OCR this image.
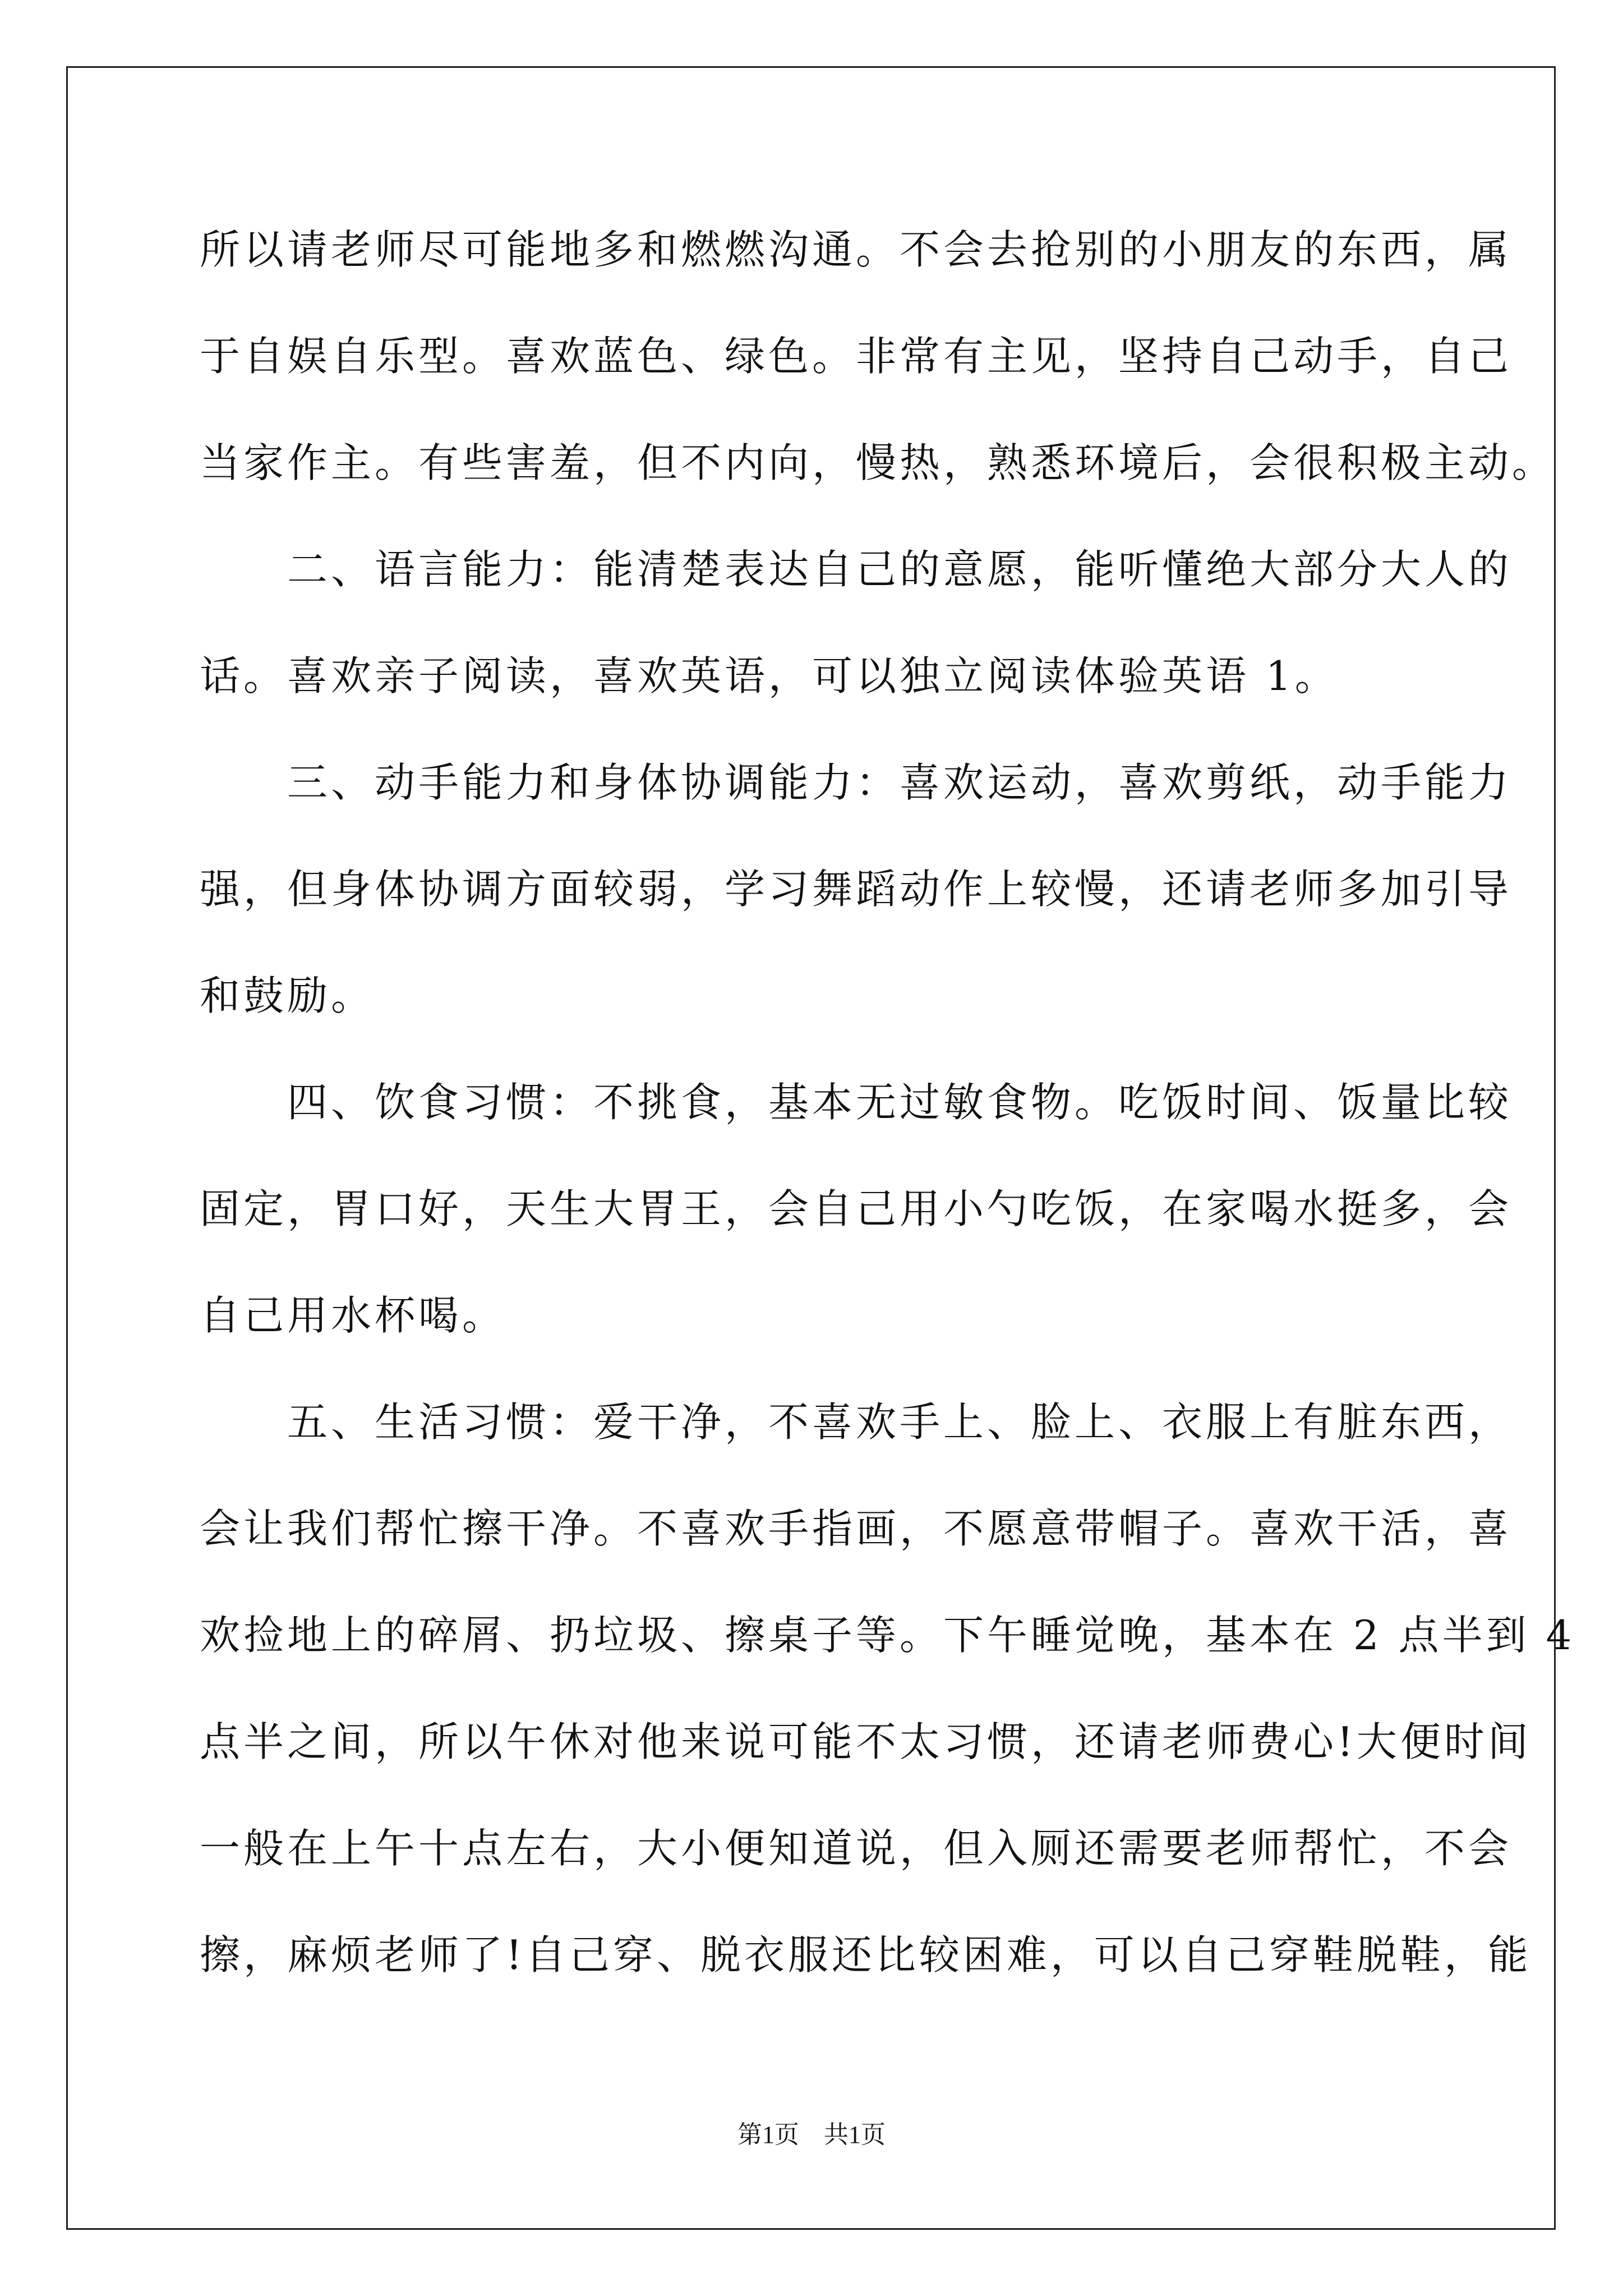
所以请老师尽可能地多和燃燃沟通。不会去抢别的小朋友的东西，属
于自娱自乐型。喜欢蓝色、绿色。非常有主见，坚持自己动手，自己
当家作主。有些害羞，但不内向，慢热，熟悉环境后，会很积极主动。
　　二、语言能力：能清楚表达自己的意愿，能听懂绝大部分大人的
话。喜欢亲子阅读，喜欢英语，可以独立阅读体验英语 1。
　　三、动手能力和身体协调能力：喜欢运动，喜欢剪纸，动手能力
强，但身体协调方面较弱，学习舞蹈动作上较慢，还请老师多加引导
和鼓励。
　　四、饮食习惯：不挑食，基本无过敏食物。吃饭时间、饭量比较
固定，胃口好，天生大胃王，会自己用小勺吃饭，在家喝水挺多，会
自己用水杯喝。
　　五、生活习惯：爱干净，不喜欢手上、脸上、衣服上有脏东西，
会让我们帮忙擦干净。不喜欢手指画，不愿意带帽子。喜欢干活，喜
欢捡地上的碎屑、扔垃圾、擦桌子等。下午睡觉晚，基本在 2 点半到 4
点半之间，所以午休对他来说可能不太习惯，还请老师费心!大便时间
一般在上午十点左右，大小便知道说，但入厕还需要老师帮忙，不会
擦，麻烦老师了!自己穿、脱衣服还比较困难，可以自己穿鞋脱鞋，能
第1页 共1页
